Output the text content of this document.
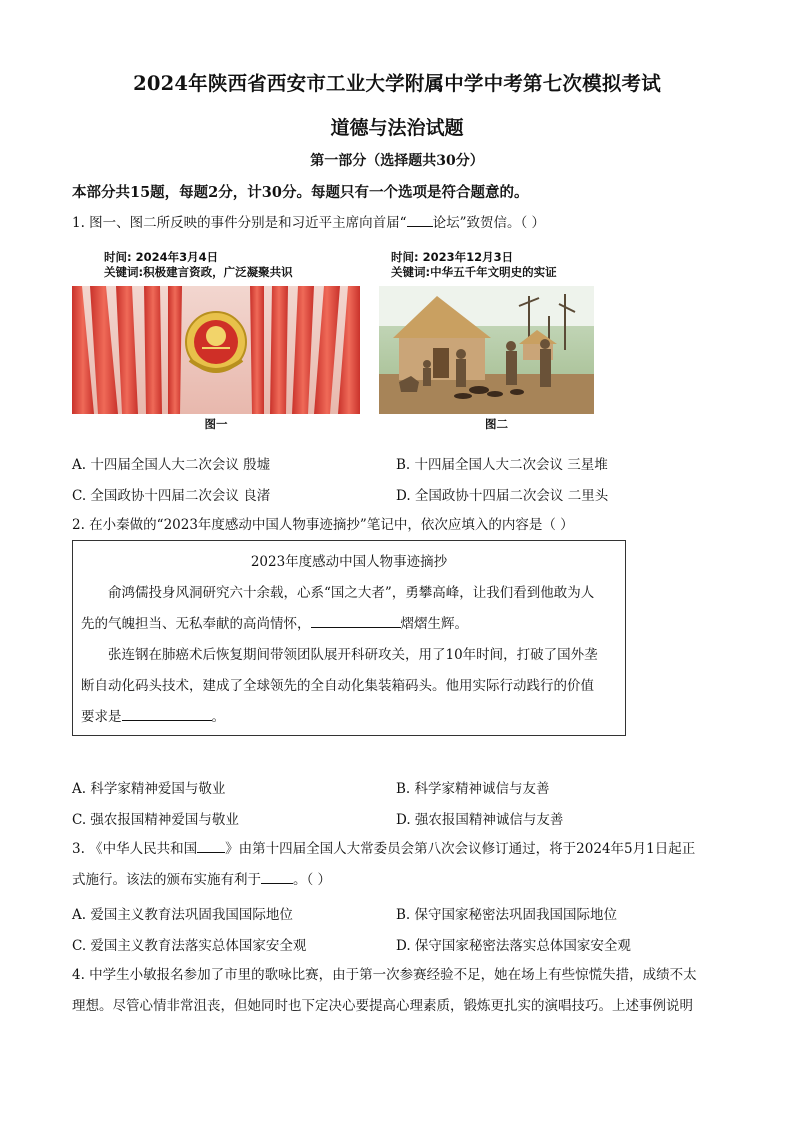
2024年陕西省西安市工业大学附属中学中考第七次模拟考试
道德与法治试题
第一部分（选择题共30分）
本部分共15题，每题2分，计30分。每题只有一个选项是符合题意的。
1. 图一、图二所反映的事件分别是和习近平主席向首届“ 论坛”致贺信。（ ）
时间: 2024年3月4日
关键词:积极建言资政，广泛凝聚共识
时间: 2023年12月3日
关键词:中华五千年文明史的实证
图一	图二
A. 十四届全国人大二次会议 殷墟	B. 十四届全国人大二次会议 三星堆
C. 全国政协十四届二次会议 良渚	D. 全国政协十四届二次会议 二里头
2. 在小秦做的“2023年度感动中国人物事迹摘抄”笔记中，依次应填入的内容是（ ）
2023年度感动中国人物事迹摘抄
俞鸿儒投身风洞研究六十余载，心系“国之大者”，勇攀高峰，让我们看到他敢为人
先的气魄担当、无私奉献的高尚情怀，	熠熠生辉。
张连钢在肺癌术后恢复期间带领团队展开科研攻关，用了10年时间，打破了国外垄
断自动化码头技术，建成了全球领先的全自动化集装箱码头。他用实际行动践行的价值
要求是	。
A. 科学家精神爱国与敬业	B. 科学家精神诚信与友善
C. 强农报国精神爱国与敬业	D. 强农报国精神诚信与友善
3. 《中华人民共和国 》由第十四届全国人大常委员会第八次会议修订通过，将于2024年5月1日起正
式施行。该法的颁布实施有利于 。（ ）
A. 爱国主义教育法巩固我国国际地位	B. 保守国家秘密法巩固我国国际地位
C. 爱国主义教育法落实总体国家安全观	D. 保守国家秘密法落实总体国家安全观
4. 中学生小敏报名参加了市里的歌咏比赛，由于第一次参赛经验不足，她在场上有些惊慌失措，成绩不太
理想。尽管心情非常沮丧，但她同时也下定决心要提高心理素质，锻炼更扎实的演唱技巧。上述事例说明
